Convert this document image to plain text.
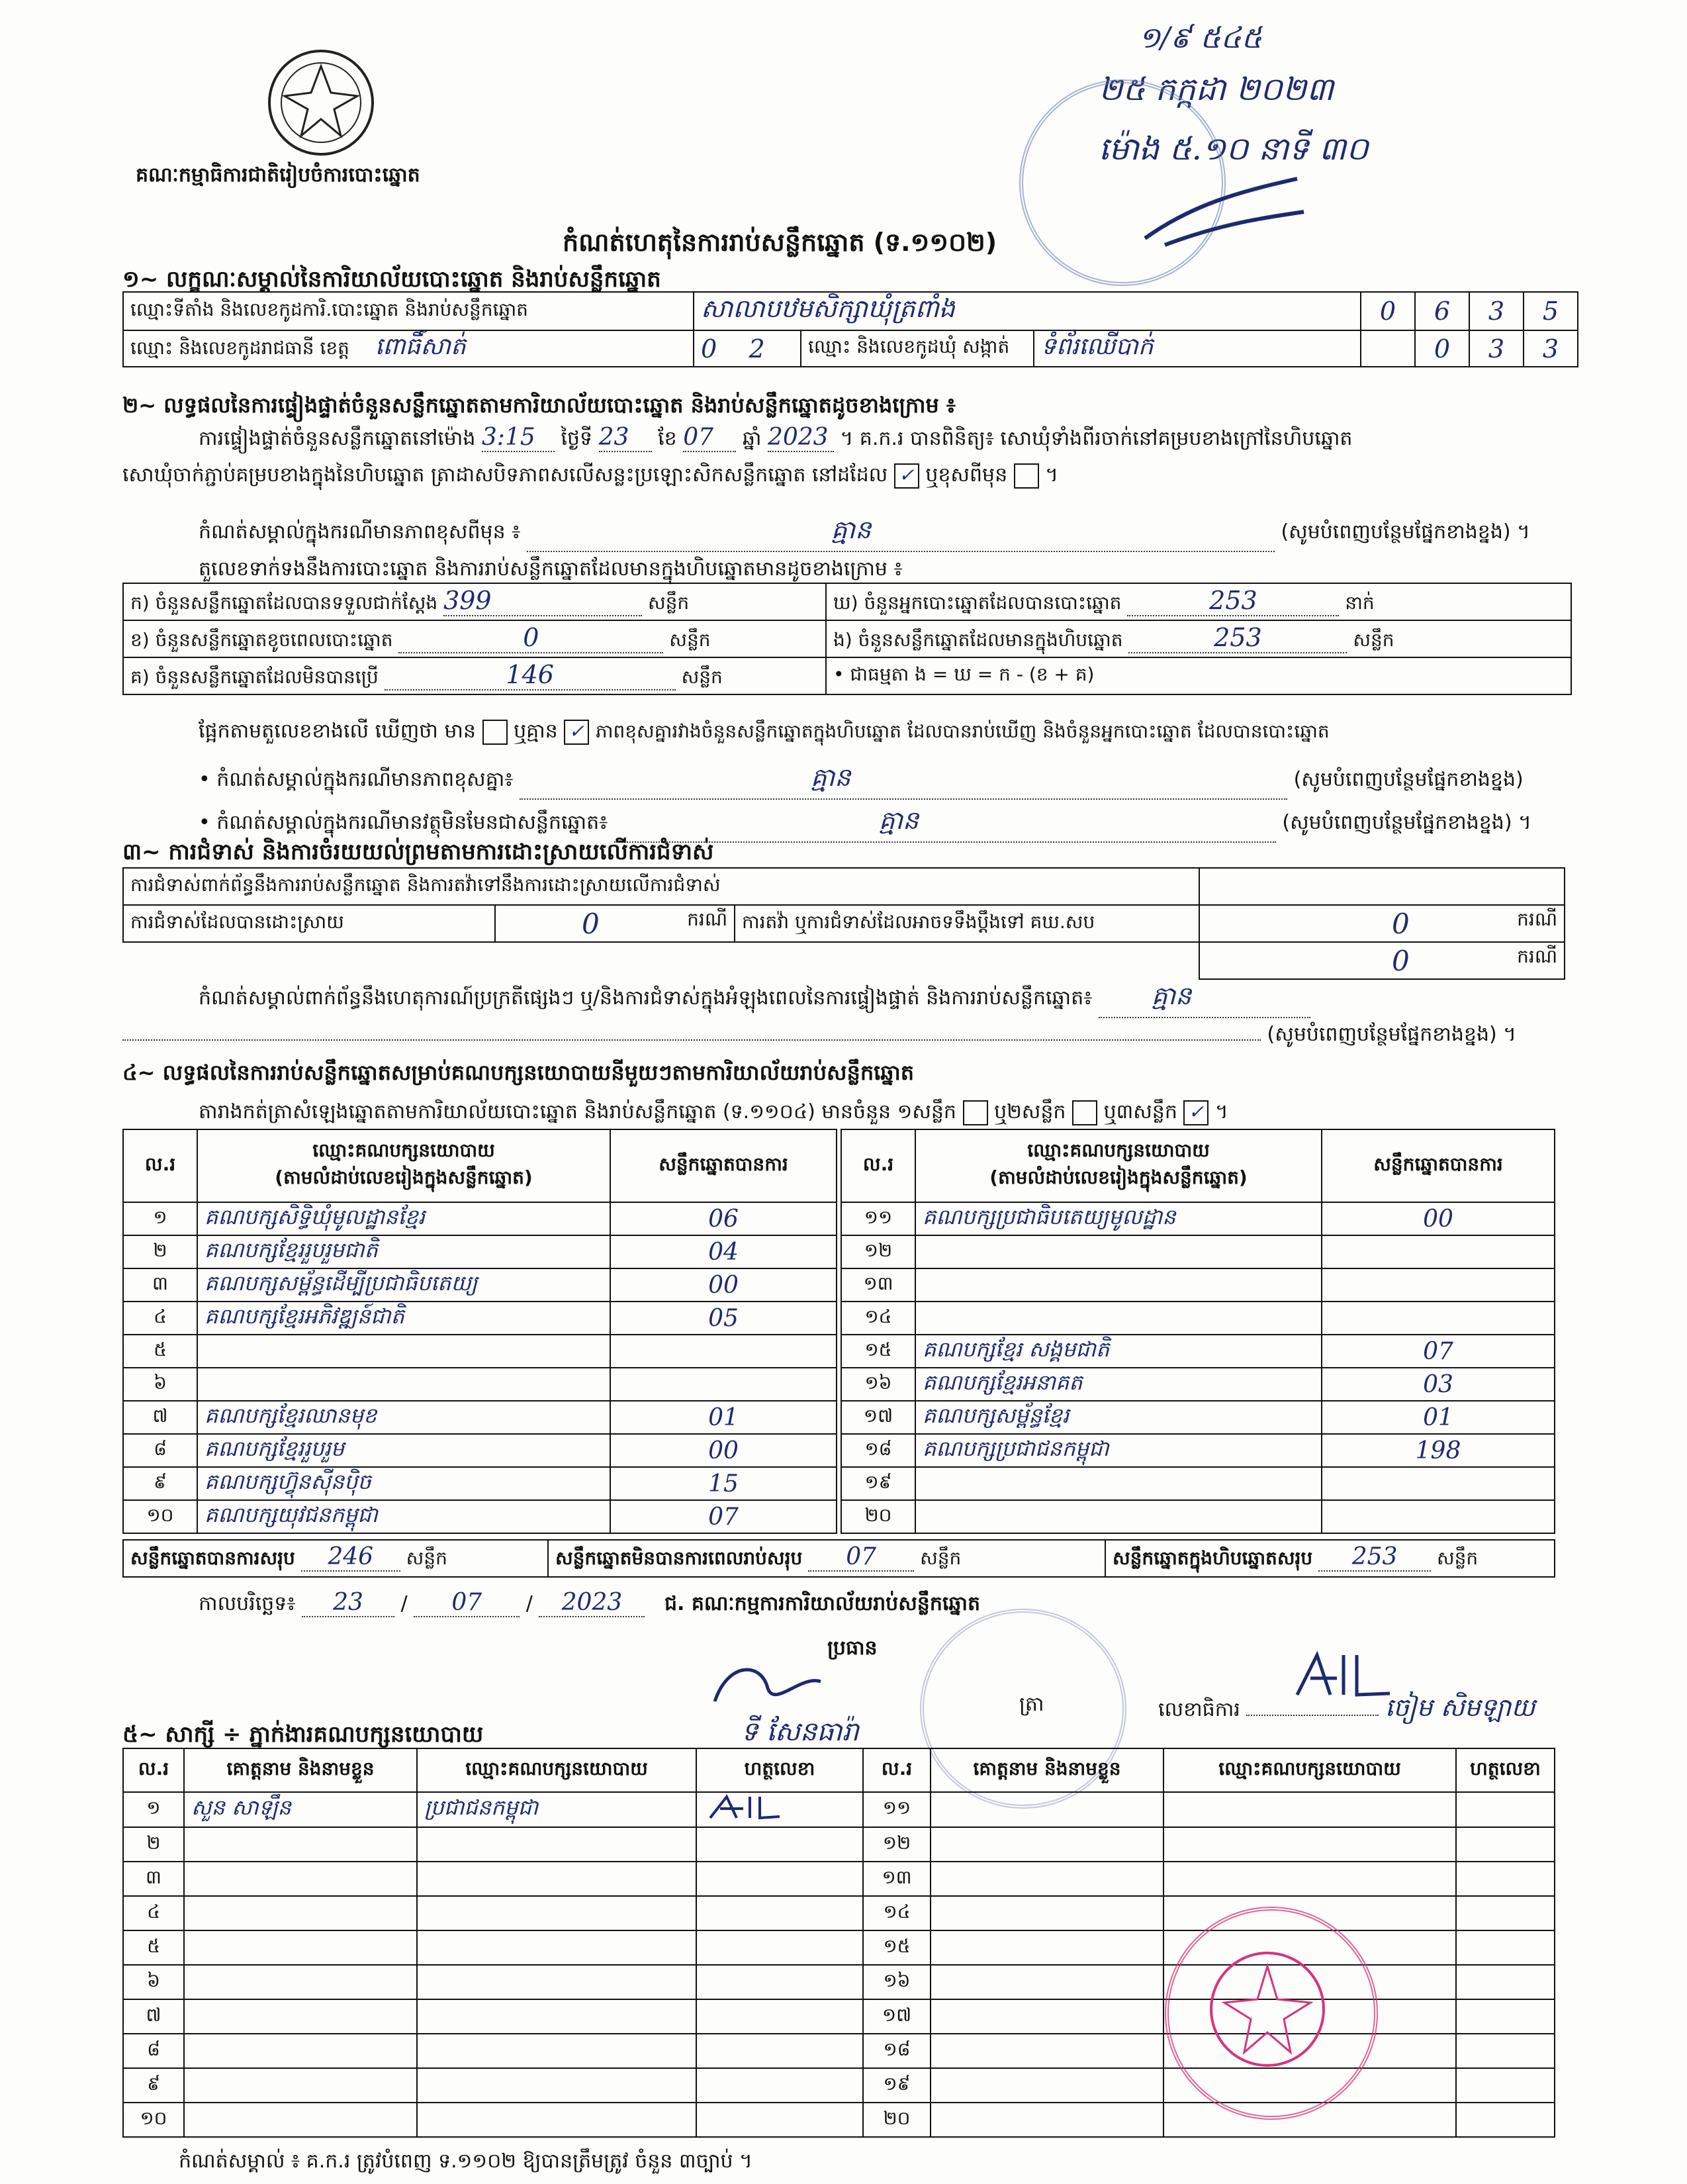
គណៈកម្មាធិការជាតិរៀបចំការបោះឆ្នោត
១/៩ ៥៤៥
២៥ កក្កដា ២០២៣
ម៉ោង ៥.១០ នាទី ៣០
កំណត់ហេតុនៃការរាប់សន្លឹកឆ្នោត (ទ.១១០២)
១~ លក្ខណៈសម្គាល់នៃការិយាល័យបោះឆ្នោត និងរាប់សន្លឹកឆ្នោត
ឈ្មោះទីតាំង និងលេខកូដការិ.បោះឆ្នោត និងរាប់សន្លឹកឆ្នោត	សាលាបឋមសិក្សាឃុំត្រពាំង			0	6	3	5
ឈ្មោះ និងលេខកូដរាជធានី ខេត្ត ពោធិ៍សាត់	0 2	ឈ្មោះ និងលេខកូដឃុំ សង្កាត់	ទំព័រឈើបាក់		0	3	3
២~ លទ្ធផលនៃការផ្ទៀងផ្ទាត់ចំនួនសន្លឹកឆ្នោតតាមការិយាល័យបោះឆ្នោត និងរាប់សន្លឹកឆ្នោតដូចខាងក្រោម ៖
ការផ្ទៀងផ្ទាត់ចំនួនសន្លឹកឆ្នោតនៅម៉ោង 3:15 ថ្ងៃទី 23 ខែ 07 ឆ្នាំ 2023 ។ គ.ក.រ បានពិនិត្យ៖ សោឃុំទាំងពីរចាក់នៅគម្របខាងក្រៅនៃហិបឆ្នោត
សោឃុំចាក់ភ្ជាប់គម្របខាងក្នុងនៃហិបឆ្នោត ត្រាដាសបិទភាពសលើសន្លះប្រឡោះសិកសន្លឹកឆ្នោត នៅដដែល ✓ ឬខុសពីមុន ។
កំណត់សម្គាល់ក្នុងករណីមានភាពខុសពីមុន ៖	គ្មាន	(សូមបំពេញបន្ថែមផ្នែកខាងខ្នង) ។
តួលេខទាក់ទងនឹងការបោះឆ្នោត និងការរាប់សន្លឹកឆ្នោតដែលមានក្នុងហិបឆ្នោតមានដូចខាងក្រោម ៖
ក) ចំនួនសន្លឹកឆ្នោតដែលបានទទួលជាក់ស្តែង 399 សន្លឹក	ឃ) ចំនួនអ្នកបោះឆ្នោតដែលបានបោះឆ្នោត 253 នាក់
ខ) ចំនួនសន្លឹកឆ្នោតខូចពេលបោះឆ្នោត 0 សន្លឹក	ង) ចំនួនសន្លឹកឆ្នោតដែលមានក្នុងហិបឆ្នោត 253 សន្លឹក
គ) ចំនួនសន្លឹកឆ្នោតដែលមិនបានប្រើ 146 សន្លឹក	• ជាធម្មតា ង = ឃ = ក - (ខ + គ)
ផ្អែកតាមតួលេខខាងលើ ឃើញថា មាន ឬគ្មាន ✓ ភាពខុសគ្នារវាងចំនួនសន្លឹកឆ្នោតក្នុងហិបឆ្នោត ដែលបានរាប់ឃើញ និងចំនួនអ្នកបោះឆ្នោត ដែលបានបោះឆ្នោត
• កំណត់សម្គាល់ក្នុងករណីមានភាពខុសគ្នា៖	គ្មាន	(សូមបំពេញបន្ថែមផ្នែកខាងខ្នង)
• កំណត់សម្គាល់ក្នុងករណីមានវត្ថុមិនមែនជាសន្លឹកឆ្នោត៖	គ្មាន	(សូមបំពេញបន្ថែមផ្នែកខាងខ្នង) ។
៣~ ការជំទាស់ និងការចំរយយល់ព្រមតាមការដោះស្រាយលើការជំទាស់
ការជំទាស់ពាក់ព័ន្ធនឹងការរាប់សន្លឹកឆ្នោត និងការតវ៉ាទៅនឹងការដោះស្រាយលើការជំទាស់			
ការជំទាស់ដែលបានដោះស្រាយ	0 ករណី	ការតវ៉ា ឬការជំទាស់ដែលអាចទទឹងប្តឹងទៅ គឃ.សប	0 ករណី

			0 ករណី
កំណត់សម្គាល់ពាក់ព័ន្ធនឹងហេតុការណ៍ប្រក្រតីផ្សេងៗ ឬ/និងការជំទាស់ក្នុងអំឡុងពេលនៃការផ្ទៀងផ្ទាត់ និងការរាប់សន្លឹកឆ្នោត៖ គ្មាន
(សូមបំពេញបន្ថែមផ្នែកខាងខ្នង) ។
៤~ លទ្ធផលនៃការរាប់សន្លឹកឆ្នោតសម្រាប់គណបក្សនយោបាយនីមួយៗតាមការិយាល័យរាប់សន្លឹកឆ្នោត
តារាងកត់ត្រាសំឡេងឆ្នោតតាមការិយាល័យបោះឆ្នោត និងរាប់សន្លឹកឆ្នោត (ទ.១១០៤) មានចំនួន ១សន្លឹក ឬ២សន្លឹក ឬ៣សន្លឹក ✓ ។
ល.រ	ឈ្មោះគណបក្សនយោបាយ
(តាមលំដាប់លេខរៀងក្នុងសន្លឹកឆ្នោត)	សន្លឹកឆ្នោតបានការ
១	គណបក្សសិទ្ធិឃុំមូលដ្ឋានខ្មែរ	06
២	គណបក្សខ្មែររួបរួមជាតិ	04
៣	គណបក្សសម្ព័ន្ធដើម្បីប្រជាធិបតេយ្យ	00
៤	គណបក្សខ្មែរអភិវឌ្ឍន៍ជាតិ	05
៥		
៦		
៧	គណបក្សខ្មែរឈានមុខ	01
៨	គណបក្សខ្មែររួបរួម	00
៩	គណបក្សហ៊្វុនស៊ីនប៉ិច	15
១០	គណបក្សយុវជនកម្ពុជា	07
ល.រ	ឈ្មោះគណបក្សនយោបាយ
(តាមលំដាប់លេខរៀងក្នុងសន្លឹកឆ្នោត)	សន្លឹកឆ្នោតបានការ
១១	គណបក្សប្រជាធិបតេយ្យមូលដ្ឋាន	00
១២		
១៣		
១៤		
១៥	គណបក្សខ្មែរ សង្គមជាតិ	07
១៦	គណបក្សខ្មែរអនាគត	03
១៧	គណបក្សសម្ព័ន្ធខ្មែរ	01
១៨	គណបក្សប្រជាជនកម្ពុជា	198
១៩		
២០		
សន្លឹកឆ្នោតបានការសរុប 246 សន្លឹក	សន្លឹកឆ្នោតមិនបានការពេលរាប់សរុប 07 សន្លឹក	សន្លឹកឆ្នោតក្នុងហិបឆ្នោតសរុប 253 សន្លឹក
កាលបរិច្ឆេទ៖ 23 / 07 / 2023 ជ. គណៈកម្មការការិយាល័យរាប់សន្លឹកឆ្នោត
ប្រធាន
ទី សែនធារ៉ា
ត្រា	លេខាធិការ	ចៀម សិមឡាយ
៥~ សាក្សី ÷ ភ្នាក់ងារគណបក្សនយោបាយ
ល.រ	គោត្តនាម និងនាមខ្លួន	ឈ្មោះគណបក្សនយោបាយ	ហត្ថលេខា	ល.រ	គោត្តនាម និងនាមខ្លួន	ឈ្មោះគណបក្សនយោបាយ	ហត្ថលេខា
១	សួន សាឡឹន	ប្រជាជនកម្ពុជា		១១			
២				១២			
៣				១៣			
៤				១៤			
៥				១៥			
៦				១៦			
៧				១៧			
៨				១៨			
៩				១៩			
១០				២០			
កំណត់សម្គាល់ ៖ គ.ក.រ ត្រូវបំពេញ ទ.១១០២ ឱ្យបានត្រឹមត្រូវ ចំនួន ៣ច្បាប់ ។
